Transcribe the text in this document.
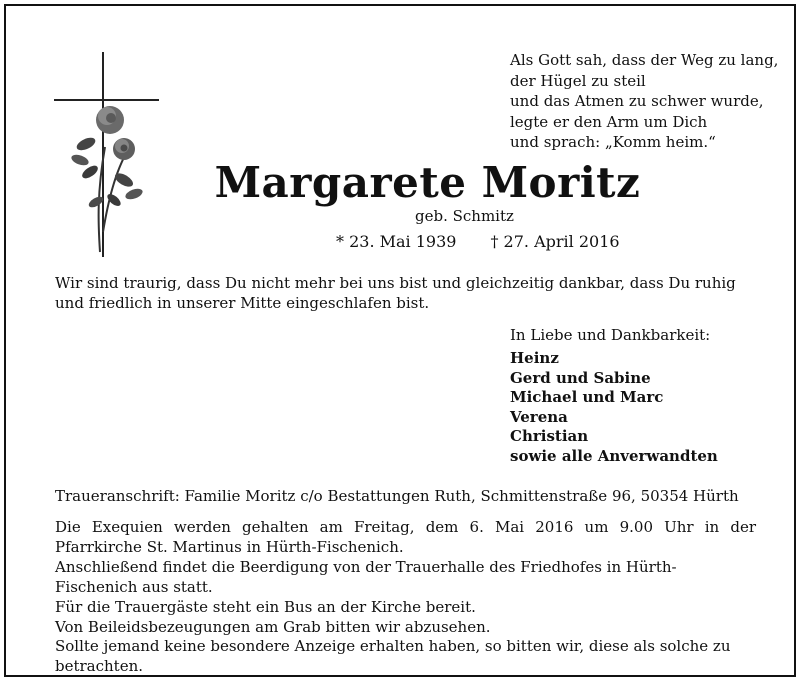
Als Gott sah, dass der Weg zu lang,
der Hügel zu steil
und das Atmen zu schwer wurde,
legte er den Arm um Dich
und sprach: „Komm heim.“
Margarete Moritz
geb. Schmitz
* 23. Mai 1939 † 27. April 2016
Wir sind traurig, dass Du nicht mehr bei uns bist und gleichzeitig dankbar, dass Du ruhig und friedlich in unserer Mitte eingeschlafen bist.
In Liebe und Dankbarkeit:
Heinz
Gerd und Sabine
Michael und Marc
Verena
Christian
sowie alle Anverwandten
Traueranschrift: Familie Moritz c/o Bestattungen Ruth, Schmittenstraße 96, 50354 Hürth
Die Exequien werden gehalten am Freitag, dem 6. Mai 2016 um 9.00 Uhr in der Pfarrkirche St. Martinus in Hürth-Fischenich.
Anschließend findet die Beerdigung von der Trauerhalle des Friedhofes in Hürth-Fischenich aus statt.
Für die Trauergäste steht ein Bus an der Kirche bereit.
Von Beileidsbezeugungen am Grab bitten wir abzusehen.
Sollte jemand keine besondere Anzeige erhalten haben, so bitten wir, diese als solche zu betrachten.
